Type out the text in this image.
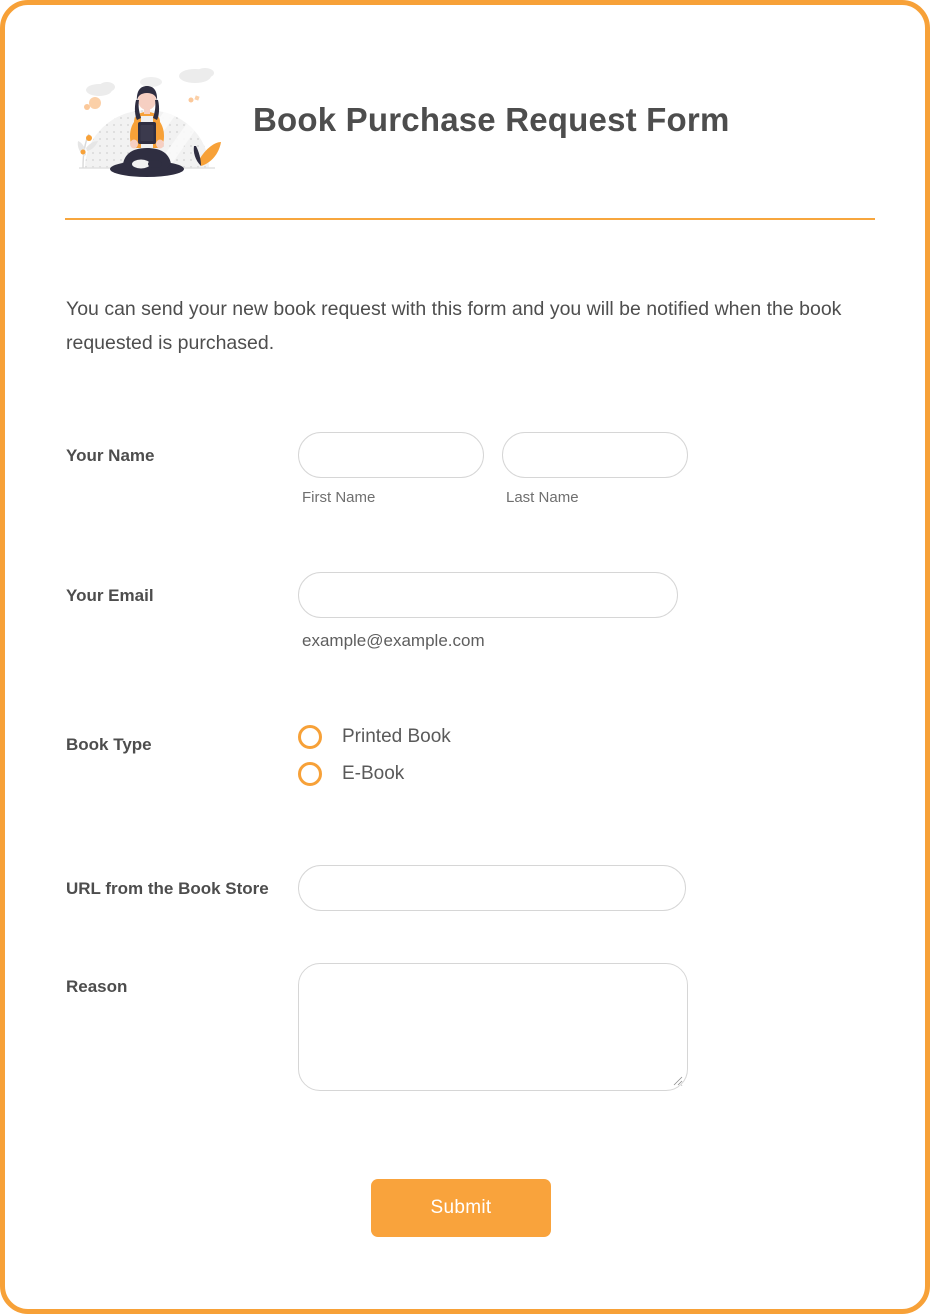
Book Purchase Request Form
You can send your new book request with this form and you will be notified when the book requested is purchased.
Your Name
First Name	Last Name
Your Email
example@example.com
Book Type	Printed Book
E-Book
URL from the Book Store
Reason
Submit
